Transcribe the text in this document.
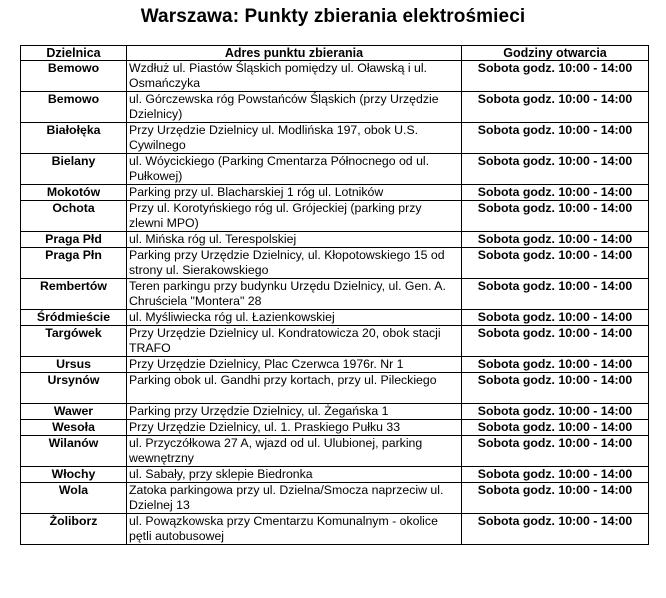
Warszawa: Punkty zbierania elektrośmieci
Dzielnica	Adres punktu zbierania	Godziny otwarcia
Bemowo	Wzdłuż ul. Piastów Śląskich pomiędzy ul. Oławską i ul. Osmańczyka	Sobota godz. 10:00 - 14:00
Bemowo	ul. Górczewska róg Powstańców Śląskich (przy Urzędzie Dzielnicy)	Sobota godz. 10:00 - 14:00
Białołęka	Przy Urzędzie Dzielnicy ul. Modlińska 197, obok U.S. Cywilnego	Sobota godz. 10:00 - 14:00
Bielany	ul. Wóycickiego (Parking Cmentarza Północnego od ul. Pułkowej)	Sobota godz. 10:00 - 14:00
Mokotów	Parking przy ul. Blacharskiej 1 róg ul. Lotników	Sobota godz. 10:00 - 14:00
Ochota	Przy ul. Korotyńskiego róg ul. Grójeckiej (parking przy zlewni MPO)	Sobota godz. 10:00 - 14:00
Praga Płd	ul. Mińska róg ul. Terespolskiej	Sobota godz. 10:00 - 14:00
Praga Płn	Parking przy Urzędzie Dzielnicy, ul. Kłopotowskiego 15 od strony ul. Sierakowskiego	Sobota godz. 10:00 - 14:00
Rembertów	Teren parkingu przy budynku Urzędu Dzielnicy, ul. Gen. A. Chruściela "Montera" 28	Sobota godz. 10:00 - 14:00
Śródmieście	ul. Myśliwiecka róg ul. Łazienkowskiej	Sobota godz. 10:00 - 14:00
Targówek	Przy Urzędzie Dzielnicy ul. Kondratowicza 20, obok stacji TRAFO	Sobota godz. 10:00 - 14:00
Ursus	Przy Urzędzie Dzielnicy, Plac Czerwca 1976r. Nr 1	Sobota godz. 10:00 - 14:00
Ursynów	Parking obok ul. Gandhi przy kortach, przy ul. Pileckiego	Sobota godz. 10:00 - 14:00
Wawer	Parking przy Urzędzie Dzielnicy, ul. Żegańska 1	Sobota godz. 10:00 - 14:00
Wesoła	Przy Urzędzie Dzielnicy, ul. 1. Praskiego Pułku 33	Sobota godz. 10:00 - 14:00
Wilanów	ul. Przyczółkowa 27 A, wjazd od ul. Ulubionej, parking wewnętrzny	Sobota godz. 10:00 - 14:00
Włochy	ul. Sabały, przy sklepie Biedronka	Sobota godz. 10:00 - 14:00
Wola	Zatoka parkingowa przy ul. Dzielna/Smocza naprzeciw ul. Dzielnej 13	Sobota godz. 10:00 - 14:00
Żoliborz	ul. Powązkowska przy Cmentarzu Komunalnym - okolice pętli autobusowej	Sobota godz. 10:00 - 14:00
